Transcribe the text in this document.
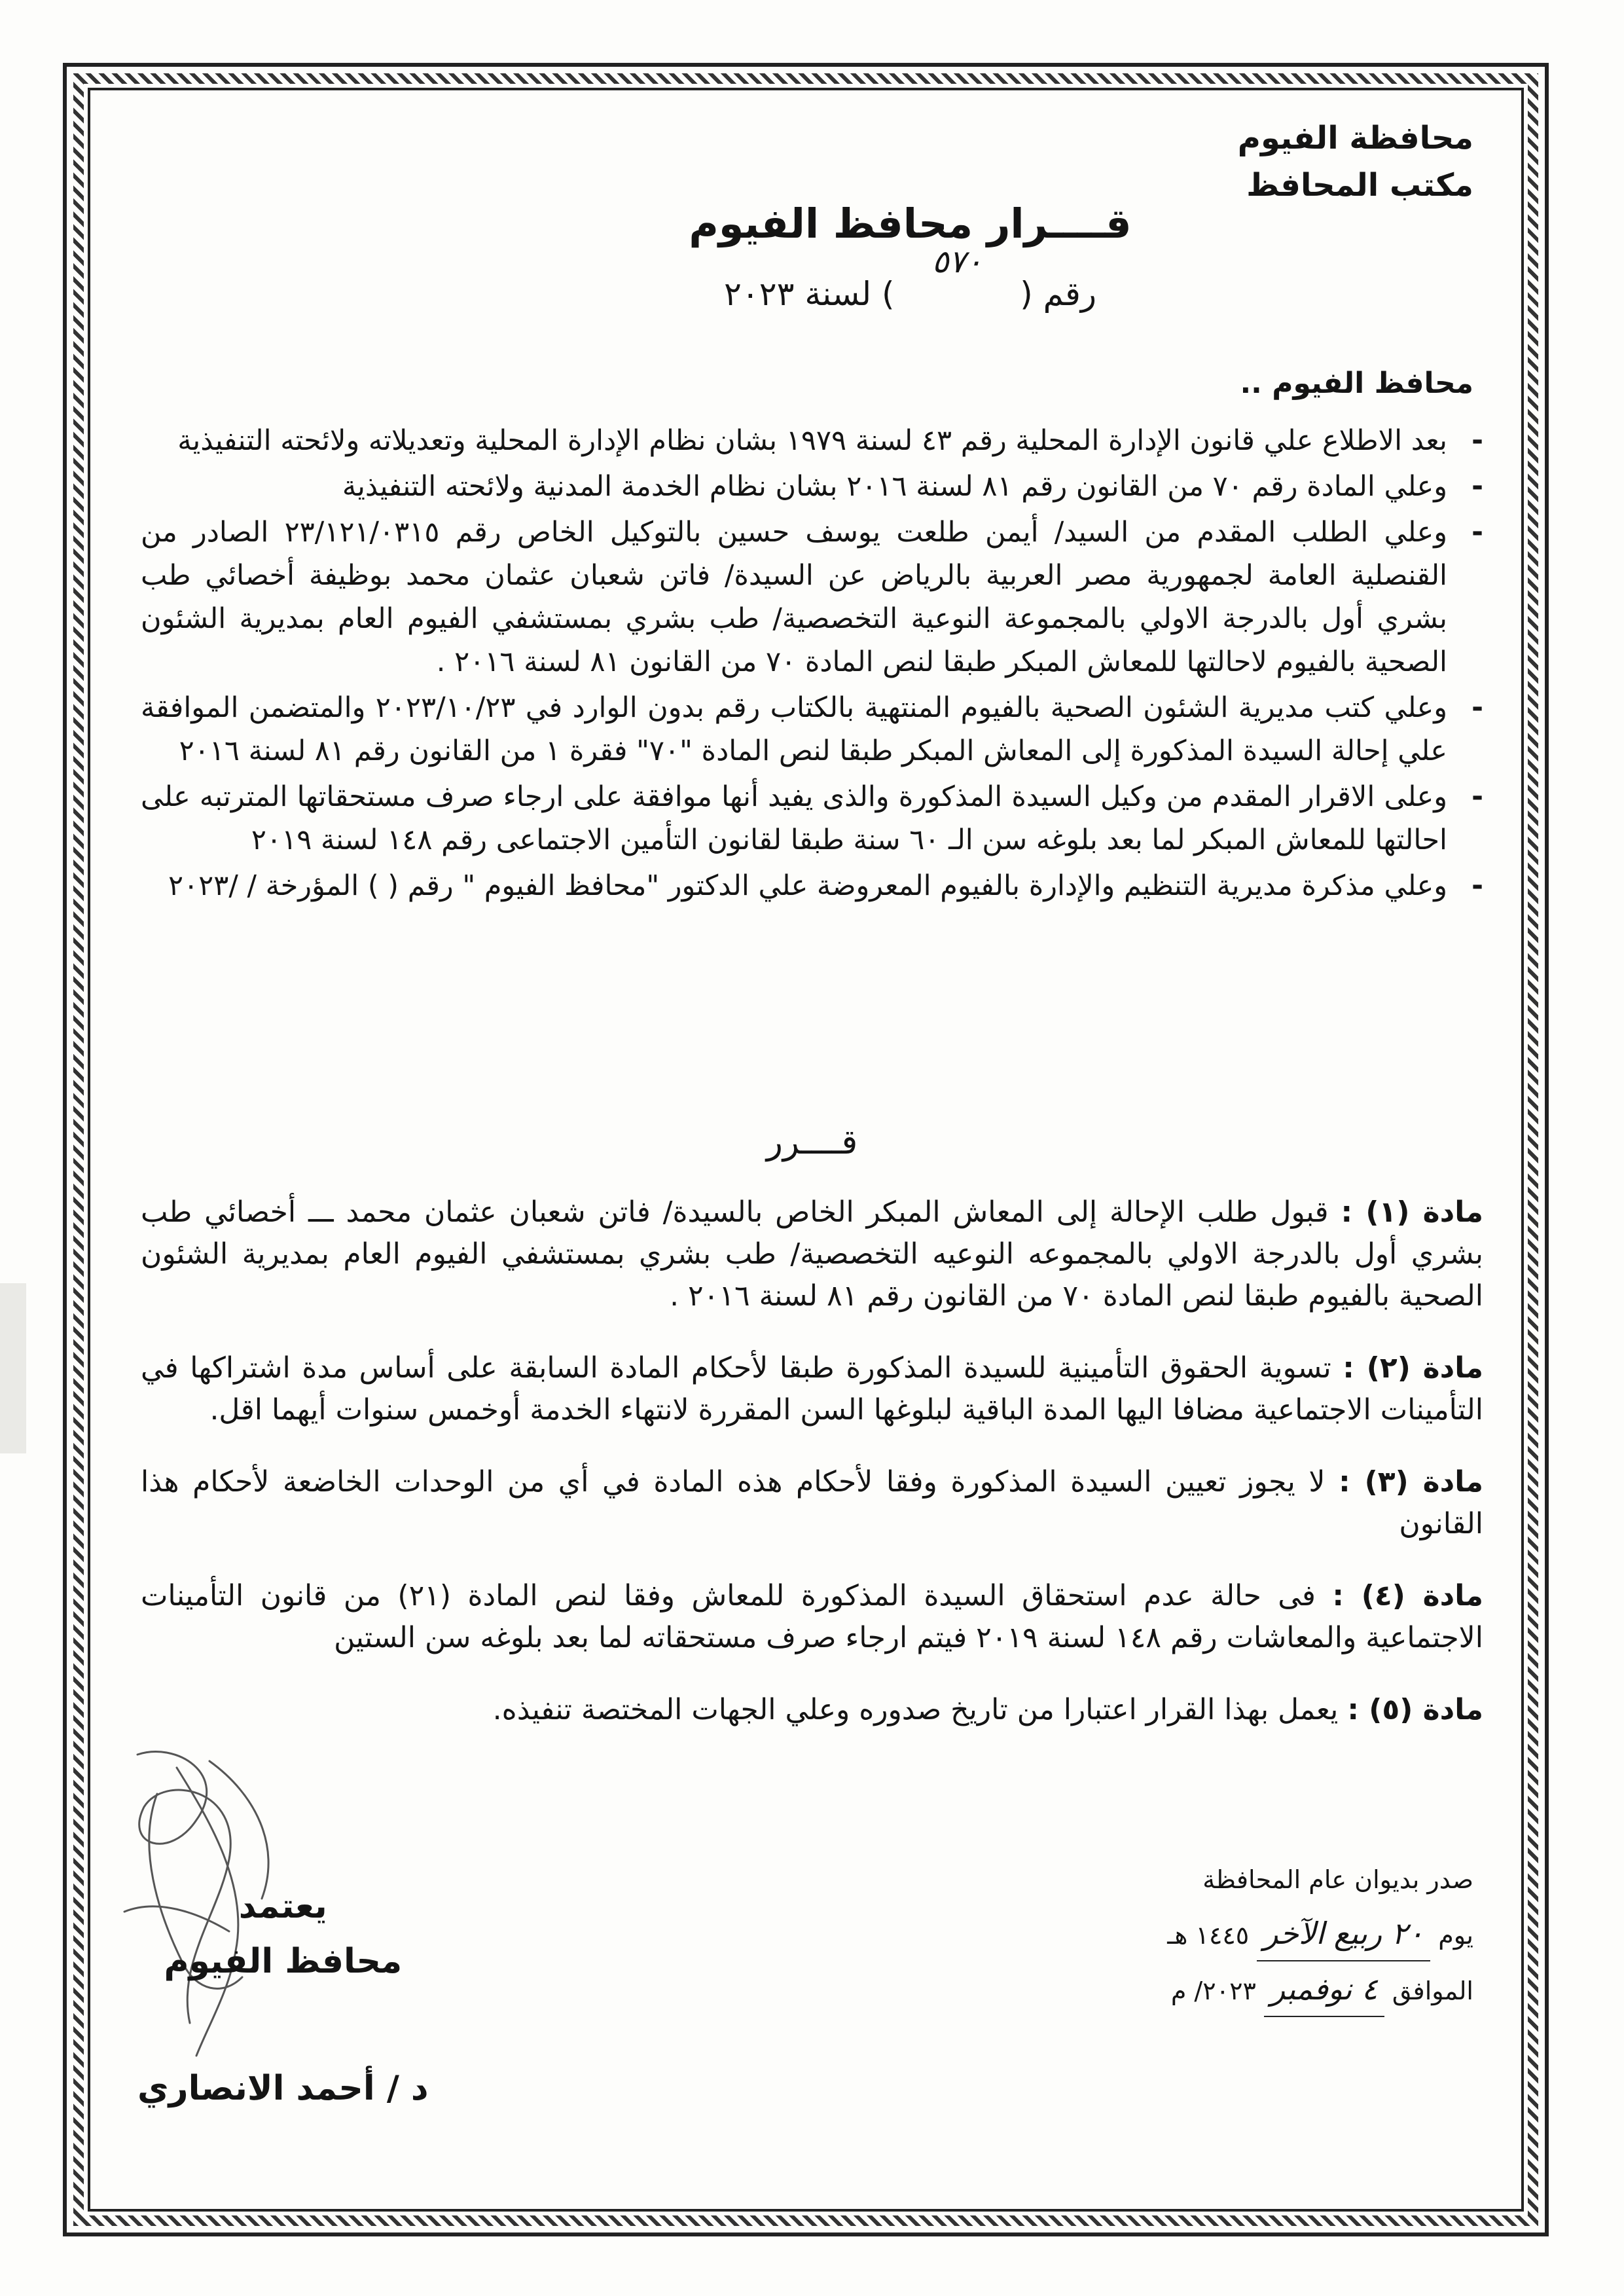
محافظة الفيوم
مكتب المحافظ
قــــرار محافظ الفيوم
رقم (
٥٧٠
) لسنة ٢٠٢٣
محافظ الفيوم ..
- بعد الاطلاع علي قانون الإدارة المحلية رقم ٤٣ لسنة ١٩٧٩ بشان نظام الإدارة المحلية وتعديلاته ولائحته التنفيذية
- وعلي المادة رقم ٧٠ من القانون رقم ٨١ لسنة ٢٠١٦ بشان نظام الخدمة المدنية ولائحته التنفيذية
- وعلي الطلب المقدم من السيد/ أيمن طلعت يوسف حسين بالتوكيل الخاص رقم ٢٣/١٢١/٠٣١٥ الصادر من القنصلية العامة لجمهورية مصر العربية بالرياض عن السيدة/ فاتن شعبان عثمان محمد بوظيفة أخصائي طب بشري أول بالدرجة الاولي بالمجموعة النوعية التخصصية/ طب بشري بمستشفي الفيوم العام بمديرية الشئون الصحية بالفيوم لاحالتها للمعاش المبكر طبقا لنص المادة ٧٠ من القانون ٨١ لسنة ٢٠١٦ .
- وعلي كتب مديرية الشئون الصحية بالفيوم المنتهية بالكتاب رقم بدون الوارد في ٢٠٢٣/١٠/٢٣ والمتضمن الموافقة علي إحالة السيدة المذكورة إلى المعاش المبكر طبقا لنص المادة "٧٠" فقرة ١ من القانون رقم ٨١ لسنة ٢٠١٦
- وعلى الاقرار المقدم من وكيل السيدة المذكورة والذى يفيد أنها موافقة على ارجاء صرف مستحقاتها المترتبه على احالتها للمعاش المبكر لما بعد بلوغه سن الـ ٦٠ سنة طبقا لقانون التأمين الاجتماعى رقم ١٤٨ لسنة ٢٠١٩
- وعلي مذكرة مديرية التنظيم والإدارة بالفيوم المعروضة علي الدكتور "محافظ الفيوم " رقم ( ) المؤرخة / /٢٠٢٣
قــــرر
مادة (١) : قبول طلب الإحالة إلى المعاش المبكر الخاص بالسيدة/ فاتن شعبان عثمان محمد ـــ أخصائي طب بشري أول بالدرجة الاولي بالمجموعه النوعيه التخصصية/ طب بشري بمستشفي الفيوم العام بمديرية الشئون الصحية بالفيوم طبقا لنص المادة ٧٠ من القانون رقم ٨١ لسنة ٢٠١٦ .
مادة (٢) : تسوية الحقوق التأمينية للسيدة المذكورة طبقا لأحكام المادة السابقة على أساس مدة اشتراكها في التأمينات الاجتماعية مضافا اليها المدة الباقية لبلوغها السن المقررة لانتهاء الخدمة أوخمس سنوات أيهما اقل.
مادة (٣) : لا يجوز تعيين السيدة المذكورة وفقا لأحكام هذه المادة في أي من الوحدات الخاضعة لأحكام هذا القانون
مادة (٤) : فى حالة عدم استحقاق السيدة المذكورة للمعاش وفقا لنص المادة (٢١) من قانون التأمينات الاجتماعية والمعاشات رقم ١٤٨ لسنة ٢٠١٩ فيتم ارجاء صرف مستحقاته لما بعد بلوغه سن الستين
مادة (٥) : يعمل بهذا القرار اعتبارا من تاريخ صدوره وعلي الجهات المختصة تنفيذه.
صدر بديوان عام المحافظة
يوم ٢٠ ربيع الآخر ١٤٤٥ هـ
الموافق ٤ نوفمبر ٢٠٢٣/ م
يعتمد
محافظ الفيوم
د / أحمد الانصاري
